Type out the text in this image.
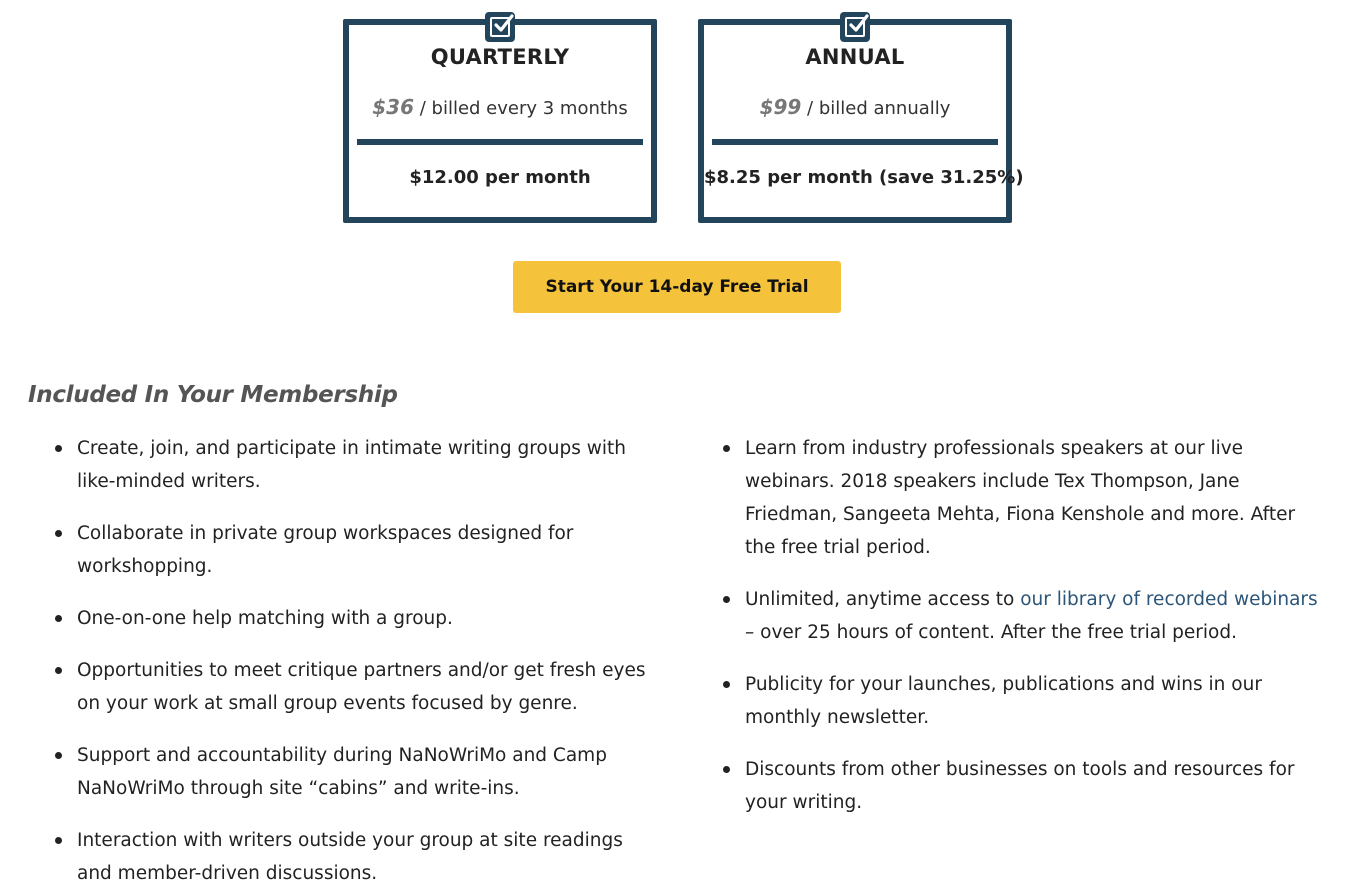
QUARTERLY
$36 / billed every 3 months
$12.00 per month
ANNUAL
$99 / billed annually
$8.25 per month (save 31.25%)
Start Your 14-day Free Trial
Included In Your Membership
Create, join, and participate in intimate writing groups with like-minded writers.
Collaborate in private group workspaces designed for workshopping.
One-on-one help matching with a group.
Opportunities to meet critique partners and/or get fresh eyes on your work at small group events focused by genre.
Support and accountability during NaNoWriMo and Camp NaNoWriMo through site “cabins” and write-ins.
Interaction with writers outside your group at site readings and member-driven discussions.
Learn from industry professionals speakers at our live webinars. 2018 speakers include Tex Thompson, Jane Friedman, Sangeeta Mehta, Fiona Kenshole and more. After the free trial period.
Unlimited, anytime access to our library of recorded webinars – over 25 hours of content. After the free trial period.
Publicity for your launches, publications and wins in our monthly newsletter.
Discounts from other businesses on tools and resources for your writing.
